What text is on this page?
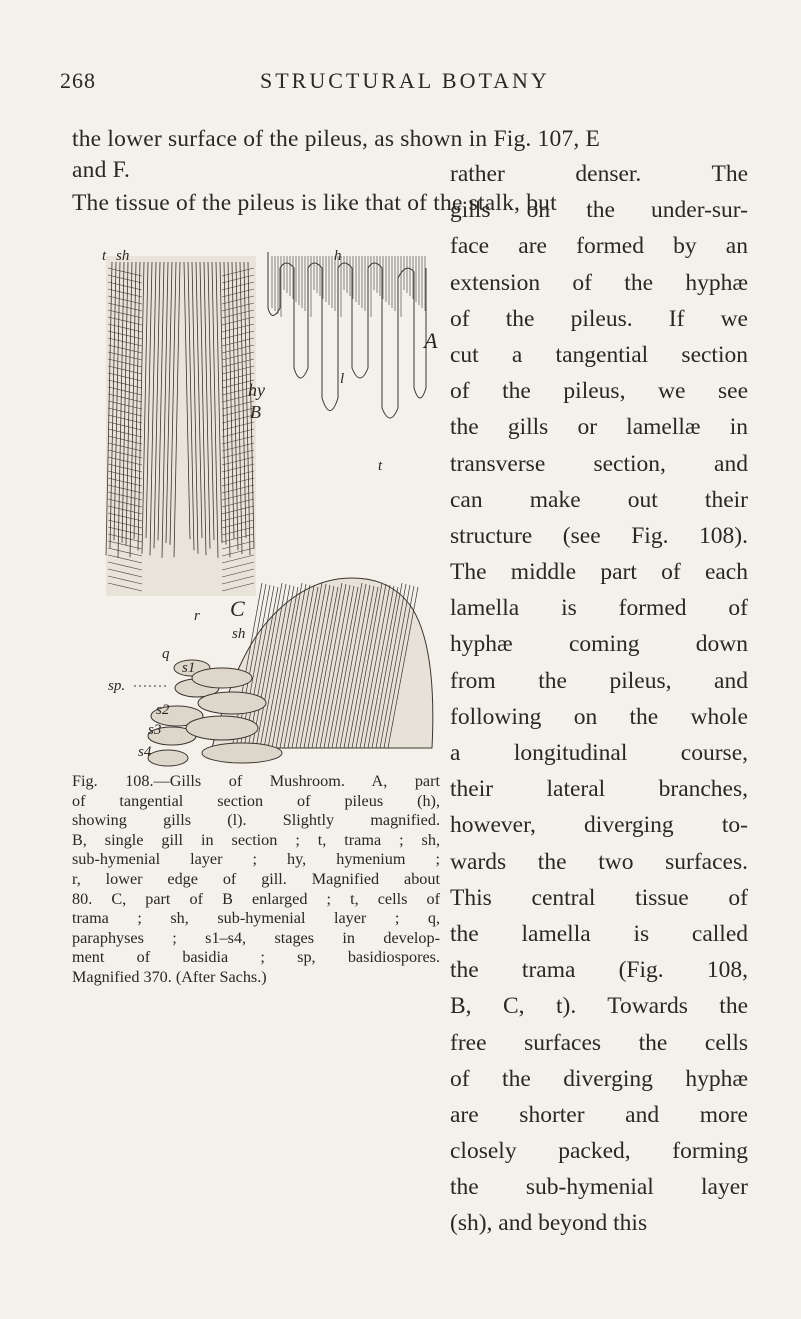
268	STRUCTURAL BOTANY
the lower surface of the pileus, as shown in Fig. 107, E
and F.
The tissue of the pileus is like that of the stalk, but
rather denser. The
gills on the under-sur-
face are formed by an
extension of the hyphæ
of the pileus. If we
cut a tangential section
of the pileus, we see
the gills or lamellæ in
transverse section, and
can make out their
structure (see Fig. 108).
The middle part of each
lamella is formed of
hyphæ coming down
from the pileus, and
following on the whole
a longitudinal course,
their lateral branches,
however, diverging to-
wards the two surfaces.
This central tissue of
the lamella is called
the trama (Fig. 108,
B, C, t). Towards the
free surfaces the cells
of the diverging hyphæ
are shorter and more
closely packed, forming
the sub-hymenial layer
(sh), and beyond this
t sh	h
A
l
hy
B
t
C
r
sh
q
s1
sp.
s2
s3
s4
Fig. 108.—Gills of Mushroom. A, part
of tangential section of pileus (h),
showing gills (l). Slightly magnified.
B, single gill in section ; t, trama ; sh,
sub-hymenial layer ; hy, hymenium ;
r, lower edge of gill. Magnified about
80. C, part of B enlarged ; t, cells of
trama ; sh, sub-hymenial layer ; q,
paraphyses ; s1–s4, stages in develop-
ment of basidia ; sp, basidiospores.
Magnified 370. (After Sachs.)
